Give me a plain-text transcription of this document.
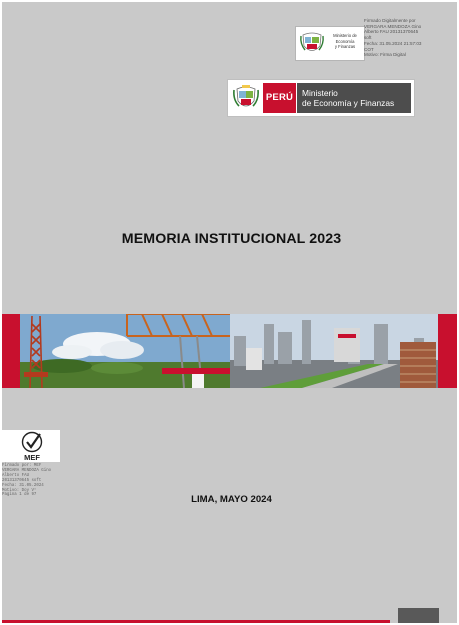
Ministerio de
Economía
y Finanzas
Firmado Digitalmente por
VERGARA MENDOZA Gino
Alberto FAU 20131370645
soft
Fecha: 31.05.2024 21:57:03
COT
Motivo: Firma Digital
PERÚ	Ministerio
de Economía y Finanzas
MEMORIA INSTITUCIONAL 2023
MEF
Firmado por: MEF
VERGARA MENDOZA Gino
Alberto FAU
20131370645 soft
Fecha: 31.05.2024
Motivo: Doy V°
Pagina 1 de 97	LIMA, MAYO 2024
